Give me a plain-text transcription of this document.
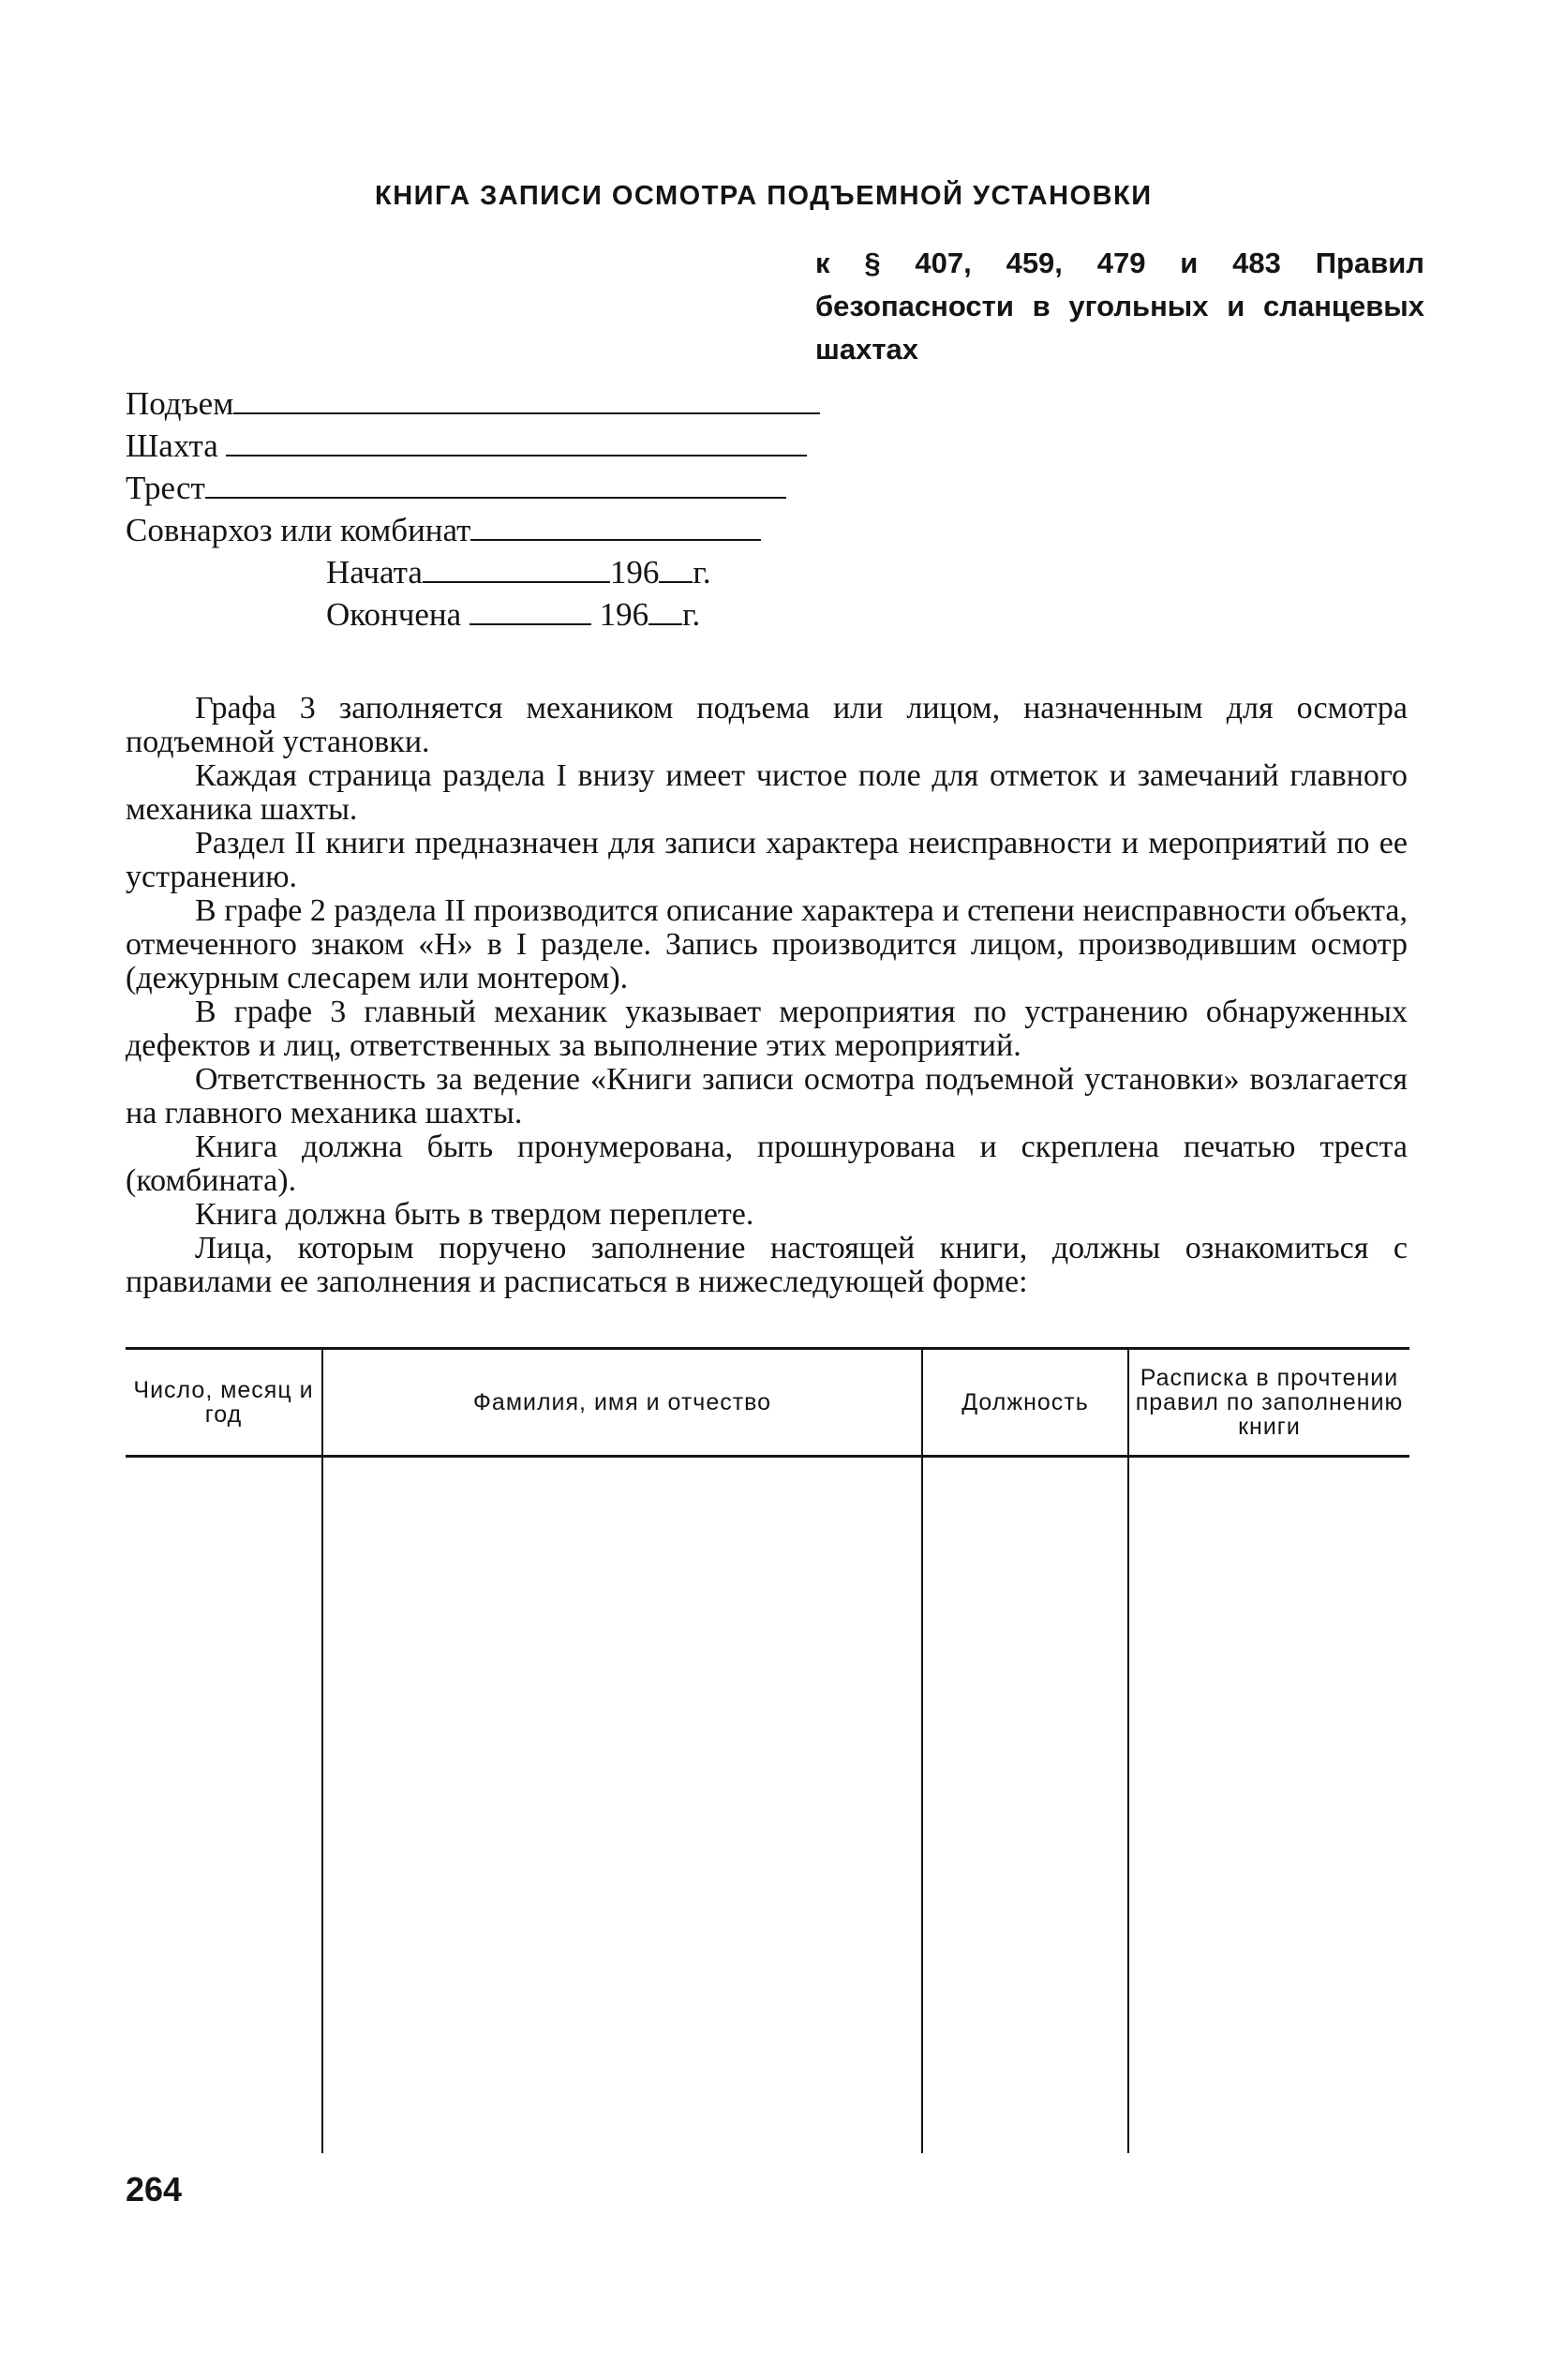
КНИГА ЗАПИСИ ОСМОТРА ПОДЪЕМНОЙ УСТАНОВКИ
к § 407, 459, 479 и 483 Правил безопасности в угольных и сланцевых шахтах
Подъем
Шахта
Трест
Совнархоз или комбинат
Начата	196 г.
Окончена	196 г.

Графа 3 заполняется механиком подъема или лицом, назначенным для осмотра подъемной установки.

Каждая страница раздела I внизу имеет чистое поле для отметок и замечаний главного механика шахты.

Раздел II книги предназначен для записи характера неисправности и мероприятий по ее устранению.

В графе 2 раздела II производится описание характера и степени неисправности объекта, отмеченного знаком «Н» в I разделе. Запись производится лицом, производившим осмотр (дежурным слесарем или монтером).

В графе 3 главный механик указывает мероприятия по устранению обнаруженных дефектов и лиц, ответственных за выполнение этих мероприятий.

Ответственность за ведение «Книги записи осмотра подъемной установки» возлагается на главного механика шахты.

Книга должна быть пронумерована, прошнурована и скреплена печатью треста (комбината).

Книга должна быть в твердом переплете.

Лица, которым поручено заполнение настоящей книги, должны ознакомиться с правилами ее заполнения и расписаться в нижеследующей форме:

Число, месяц и год	Фамилия, имя и отчество	Должность	Расписка в прочтении правил по заполнению книги

264
